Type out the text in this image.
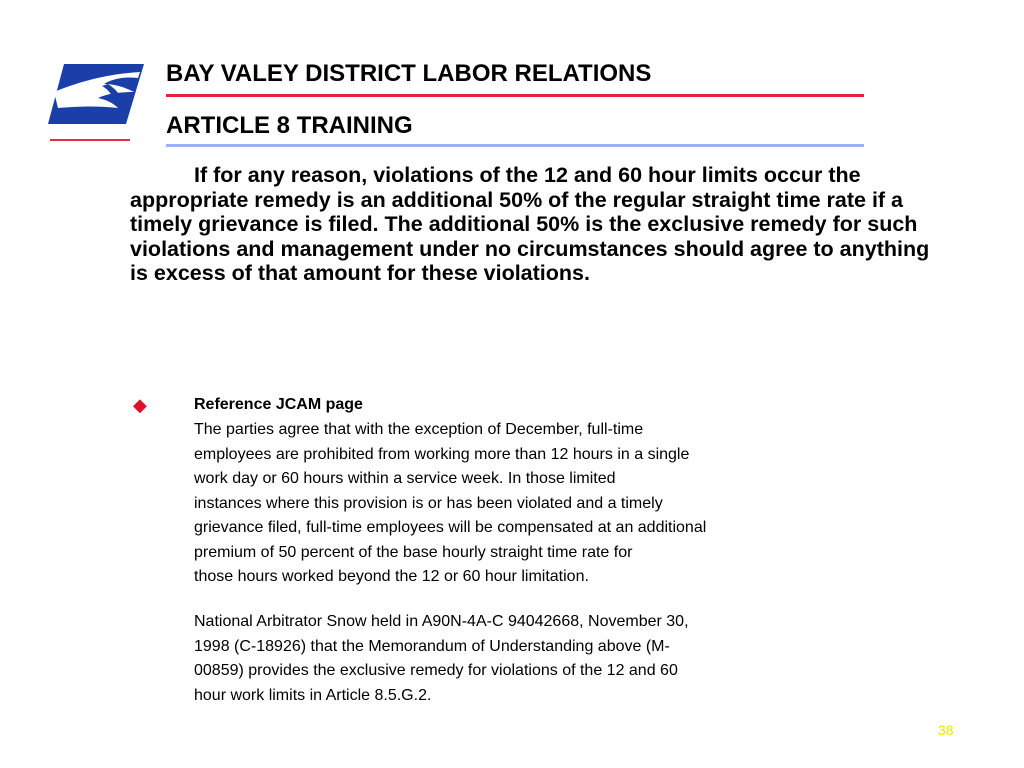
BAY VALEY DISTRICT LABOR RELATIONS
ARTICLE 8 TRAINING

If for any reason, violations of the 12 and 60 hour limits occur the appropriate remedy is an additional 50% of the regular straight time rate if a timely grievance is filed. The additional 50% is the exclusive remedy for such violations and management under no circumstances should agree to anything is excess of that amount for these violations.

◆	Reference JCAM page
The parties agree that with the exception of December, full-time
employees are prohibited from working more than 12 hours in a single
work day or 60 hours within a service week. In those limited
instances where this provision is or has been violated and a timely
grievance filed, full-time employees will be compensated at an additional
premium of 50 percent of the base hourly straight time rate for
those hours worked beyond the 12 or 60 hour limitation.
National Arbitrator Snow held in A90N-4A-C 94042668, November 30,
1998 (C-18926) that the Memorandum of Understanding above (M-
00859) provides the exclusive remedy for violations of the 12 and 60
hour work limits in Article 8.5.G.2.
38
